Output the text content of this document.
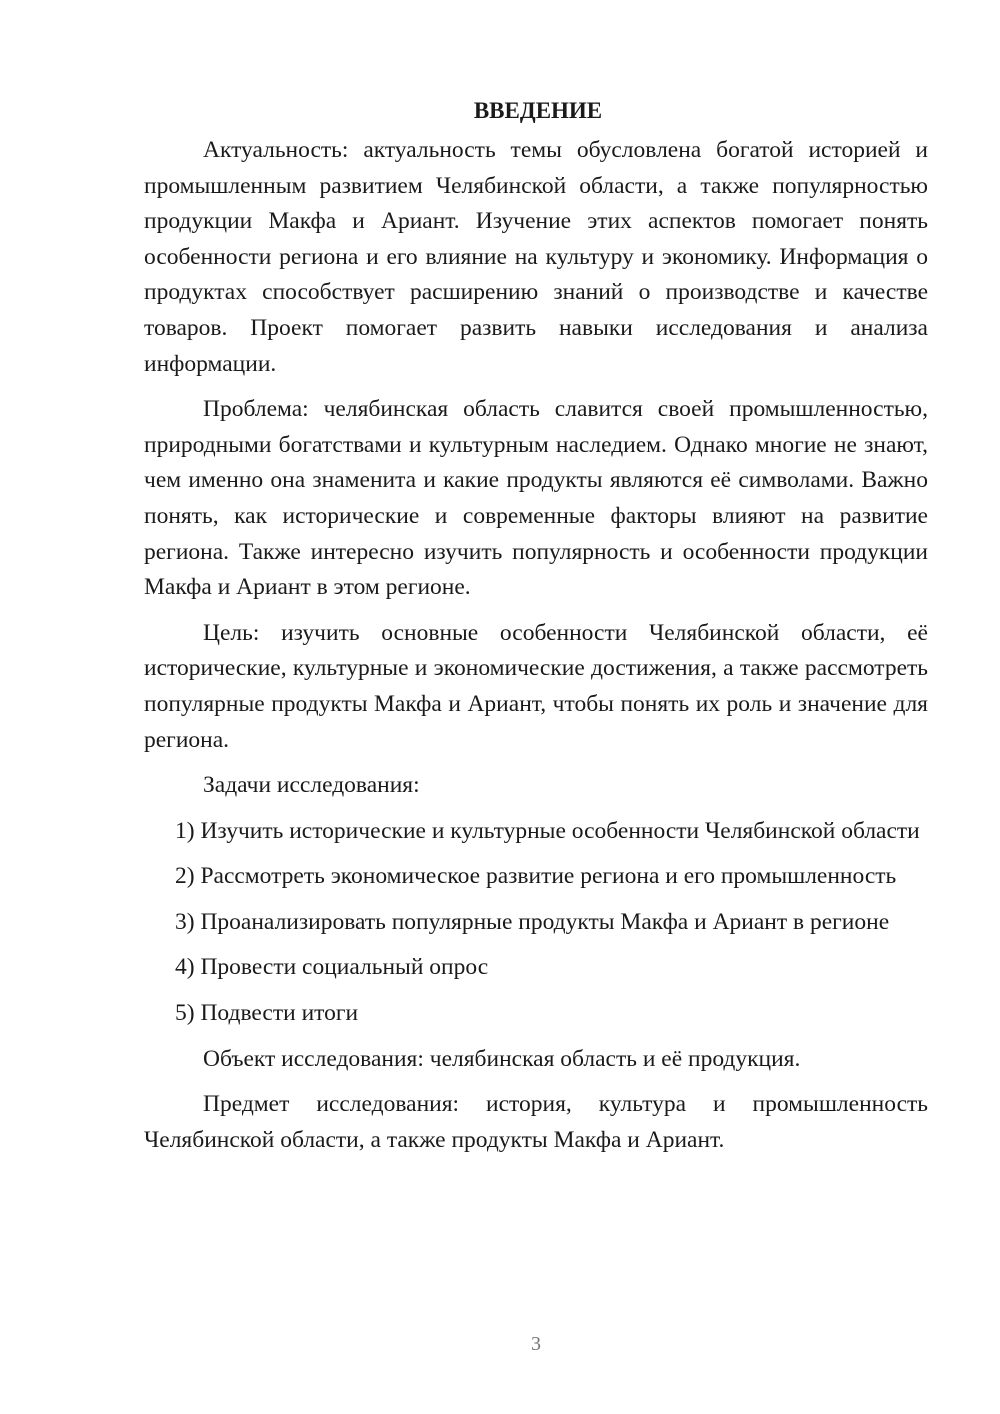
ВВЕДЕНИЕ

Актуальность: актуальность темы обусловлена богатой историей и промышленным развитием Челябинской области, а также популярностью продукции Макфа и Ариант. Изучение этих аспектов помогает понять особенности региона и его влияние на культуру и экономику. Информация о продуктах способствует расширению знаний о производстве и качестве товаров. Проект помогает развить навыки исследования и анализа информации.

Проблема: челябинская область славится своей промышленностью, природными богатствами и культурным наследием. Однако многие не знают, чем именно она знаменита и какие продукты являются её символами. Важно понять, как исторические и современные факторы влияют на развитие региона. Также интересно изучить популярность и особенности продукции Макфа и Ариант в этом регионе.

Цель: изучить основные особенности Челябинской области, её исторические, культурные и экономические достижения, а также рассмотреть популярные продукты Макфа и Ариант, чтобы понять их роль и значение для региона.

Задачи исследования:

1) Изучить исторические и культурные особенности Челябинской области

2) Рассмотреть экономическое развитие региона и его промышленность

3) Проанализировать популярные продукты Макфа и Ариант в регионе

4) Провести социальный опрос

5) Подвести итоги

Объект исследования: челябинская область и её продукция.

Предмет исследования: история, культура и промышленность Челябинской области, а также продукты Макфа и Ариант.

3
